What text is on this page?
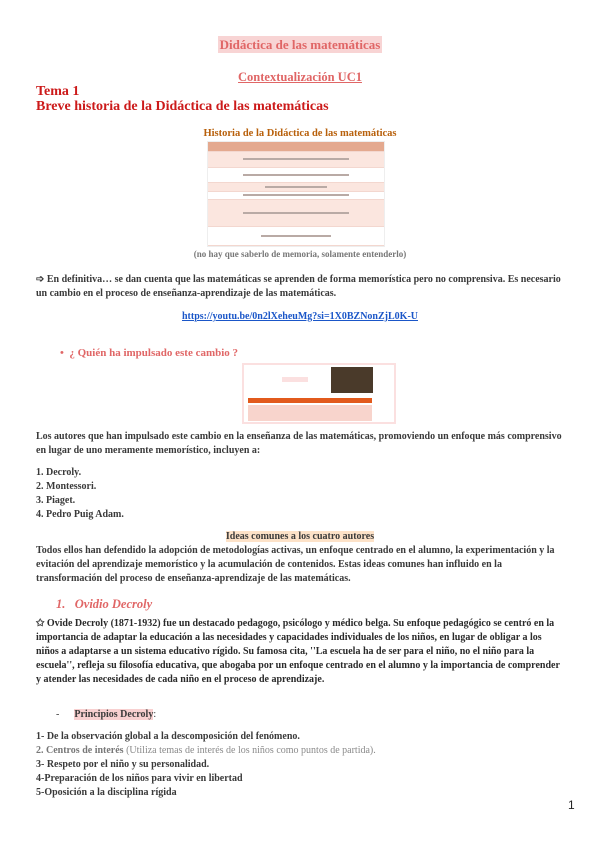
Didáctica de las matemáticas
Contextualización UC1
Tema 1
Breve historia de la Didáctica de las matemáticas
Historia de la Didáctica de las matemáticas
(no hay que saberlo de memoria, solamente entenderlo)
➩ En definitiva… se dan cuenta que las matemáticas se aprenden de forma memorística pero no comprensiva. Es necesario un cambio en el proceso de enseñanza-aprendizaje de las matemáticas.
https://youtu.be/0n2lXeheuMg?si=1X0BZNonZjL0K-U
•  ¿ Quién ha impulsado este cambio ?
Los autores que han impulsado este cambio en la enseñanza de las matemáticas, promoviendo un enfoque más comprensivo en lugar de uno meramente memorístico, incluyen a:
1. Decroly.
2. Montessori.
3. Piaget.
4. Pedro Puig Adam.
Ideas comunes a los cuatro autores
Todos ellos han defendido la adopción de metodologías activas, un enfoque centrado en el alumno, la experimentación y la evitación del aprendizaje memorístico y la acumulación de contenidos. Estas ideas comunes han influido en la transformación del proceso de enseñanza-aprendizaje de las matemáticas.
1. Ovidio Decroly
✩ Ovide Decroly (1871-1932) fue un destacado pedagogo, psicólogo y médico belga. Su enfoque pedagógico se centró en la importancia de adaptar la educación a las necesidades y capacidades individuales de los niños, en lugar de obligar a los niños a adaptarse a un sistema educativo rígido. Su famosa cita, ''La escuela ha de ser para el niño, no el niño para la escuela'', refleja su filosofía educativa, que abogaba por un enfoque centrado en el alumno y la importancia de comprender y atender las necesidades de cada niño en el proceso de aprendizaje.
-      Principios Decroly:
1- De la observación global a la descomposición del fenómeno.
2. Centros de interés (Utiliza temas de interés de los niños como puntos de partida).
3- Respeto por el niño y su personalidad.
4-Preparación de los niños para vivir en libertad
5-Oposición a la disciplina rígida
1
